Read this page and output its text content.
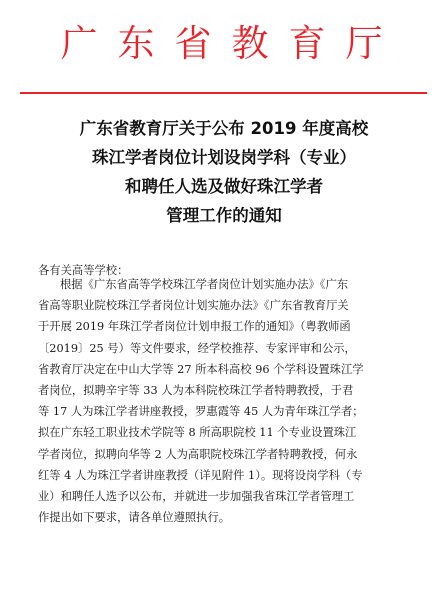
广东省教育厅
广东省教育厅关于公布 2019 年度高校
珠江学者岗位计划设岗学科（专业）
和聘任人选及做好珠江学者
管理工作的通知
各有关高等学校：
根据《广东省高等学校珠江学者岗位计划实施办法》《广东
省高等职业院校珠江学者岗位计划实施办法》《广东省教育厅关
于开展 2019 年珠江学者岗位计划申报工作的通知》（粤教师函
〔2019〕25 号）等文件要求，经学校推荐、专家评审和公示，
省教育厅决定在中山大学等 27 所本科高校 96 个学科设置珠江学
者岗位，拟聘辛宇等 33 人为本科院校珠江学者特聘教授，于君
等 17 人为珠江学者讲座教授，罗惠霞等 45 人为青年珠江学者；
拟在广东轻工职业技术学院等 8 所高职院校 11 个专业设置珠江
学者岗位，拟聘向华等 2 人为高职院校珠江学者特聘教授，何永
红等 4 人为珠江学者讲座教授（详见附件 1）。现将设岗学科（专
业）和聘任人选予以公布，并就进一步加强我省珠江学者管理工
作提出如下要求，请各单位遵照执行。
